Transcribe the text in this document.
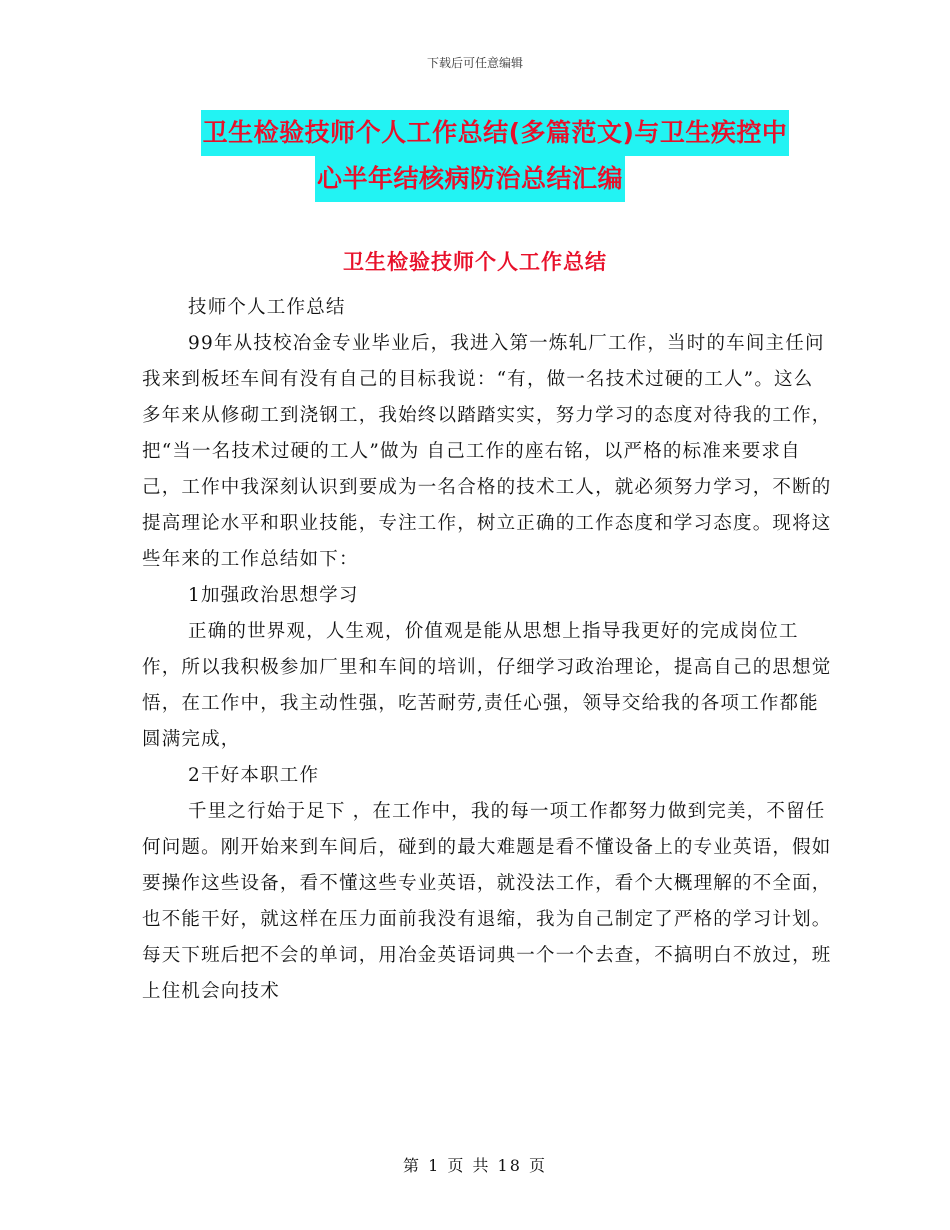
下载后可任意编辑
卫生检验技师个人工作总结(多篇范文)与卫生疾控中
心半年结核病防治总结汇编
卫生检验技师个人工作总结

技师个人工作总结

99年从技校冶金专业毕业后，我进入第一炼轧厂工作，当时的车间主任问我来到板坯车间有没有自己的目标我说：“有，做一名技术过硬的工人”。这么多年来从修砌工到浇钢工，我始终以踏踏实实，努力学习的态度对待我的工作，把“当一名技术过硬的工人”做为 自己工作的座右铭，以严格的标准来要求自己，工作中我深刻认识到要成为一名合格的技术工人，就必须努力学习，不断的提高理论水平和职业技能，专注工作，树立正确的工作态度和学习态度。现将这些年来的工作总结如下：

1加强政治思想学习

正确的世界观，人生观，价值观是能从思想上指导我更好的完成岗位工作，所以我积极参加厂里和车间的培训，仔细学习政治理论，提高自己的思想觉悟，在工作中，我主动性强，吃苦耐劳,责任心强，领导交给我的各项工作都能圆满完成，

2干好本职工作

千里之行始于足下 ，在工作中，我的每一项工作都努力做到完美，不留任何问题。刚开始来到车间后，碰到的最大难题是看不懂设备上的专业英语，假如要操作这些设备，看不懂这些专业英语，就没法工作，看个大概理解的不全面，也不能干好，就这样在压力面前我没有退缩，我为自己制定了严格的学习计划。每天下班后把不会的单词，用冶金英语词典一个一个去查，不搞明白不放过，班上住机会向技术

第 1 页 共 18 页
